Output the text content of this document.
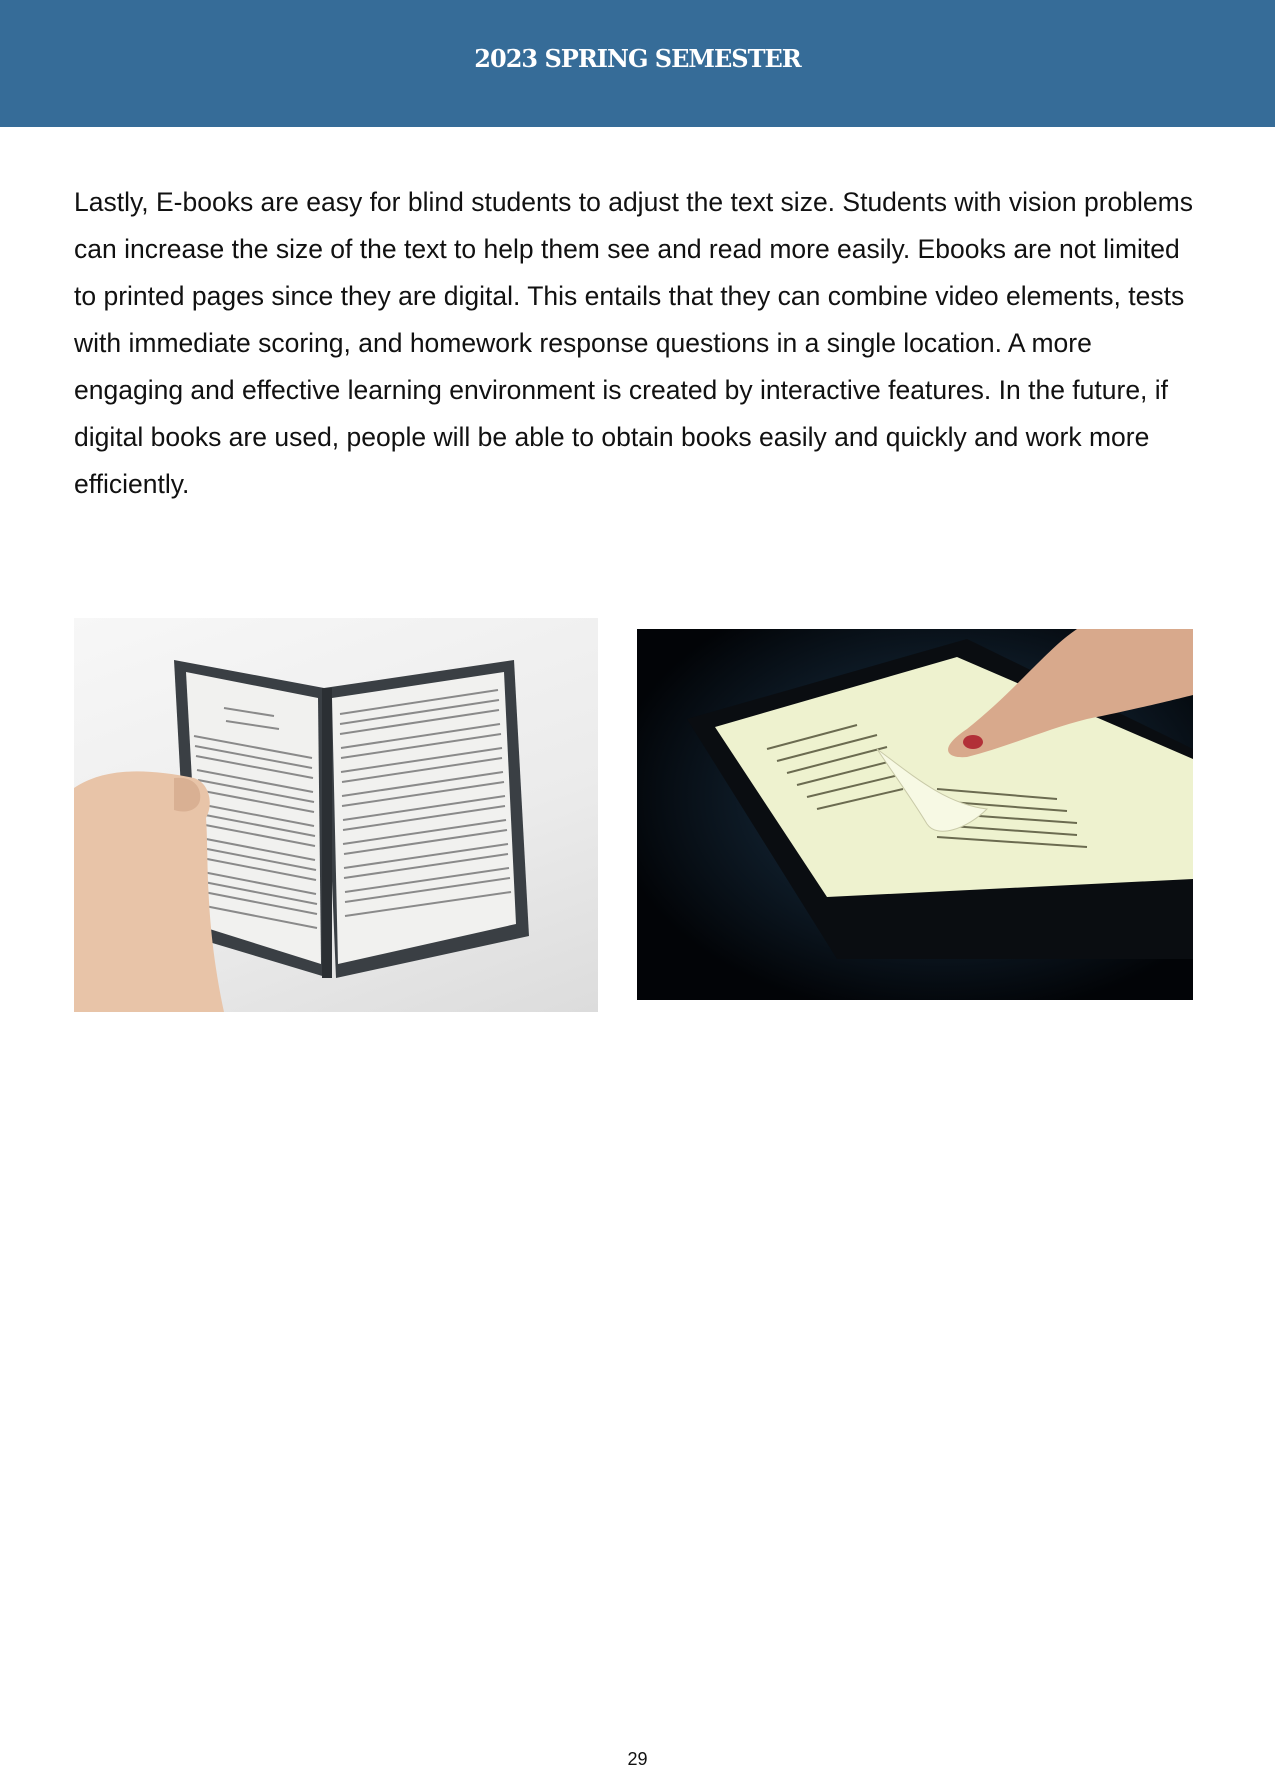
2023 SPRING SEMESTER

Lastly, E-books are easy for blind students to adjust the text size. Students with vision problems can increase the size of the text to help them see and read more easily. Ebooks are not limited to printed pages since they are digital. This entails that they can combine video elements, tests with immediate scoring, and homework response questions in a single location. A more engaging and effective learning environment is created by interactive features. In the future, if digital books are used, people will be able to obtain books easily and quickly and work more efficiently.

29
